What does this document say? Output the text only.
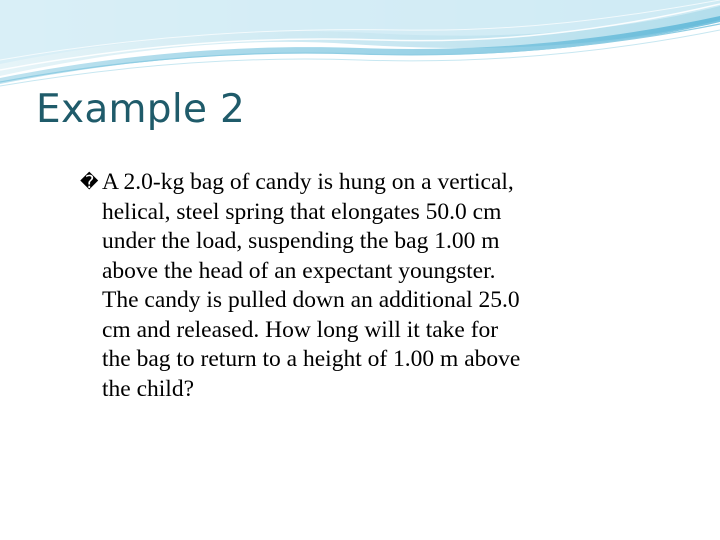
Example 2

� A 2.0-kg bag of candy is hung on a vertical,
helical, steel spring that elongates 50.0 cm
under the load, suspending the bag 1.00 m
above the head of an expectant youngster.
The candy is pulled down an additional 25.0
cm and released. How long will it take for
the bag to return to a height of 1.00 m above
the child?
